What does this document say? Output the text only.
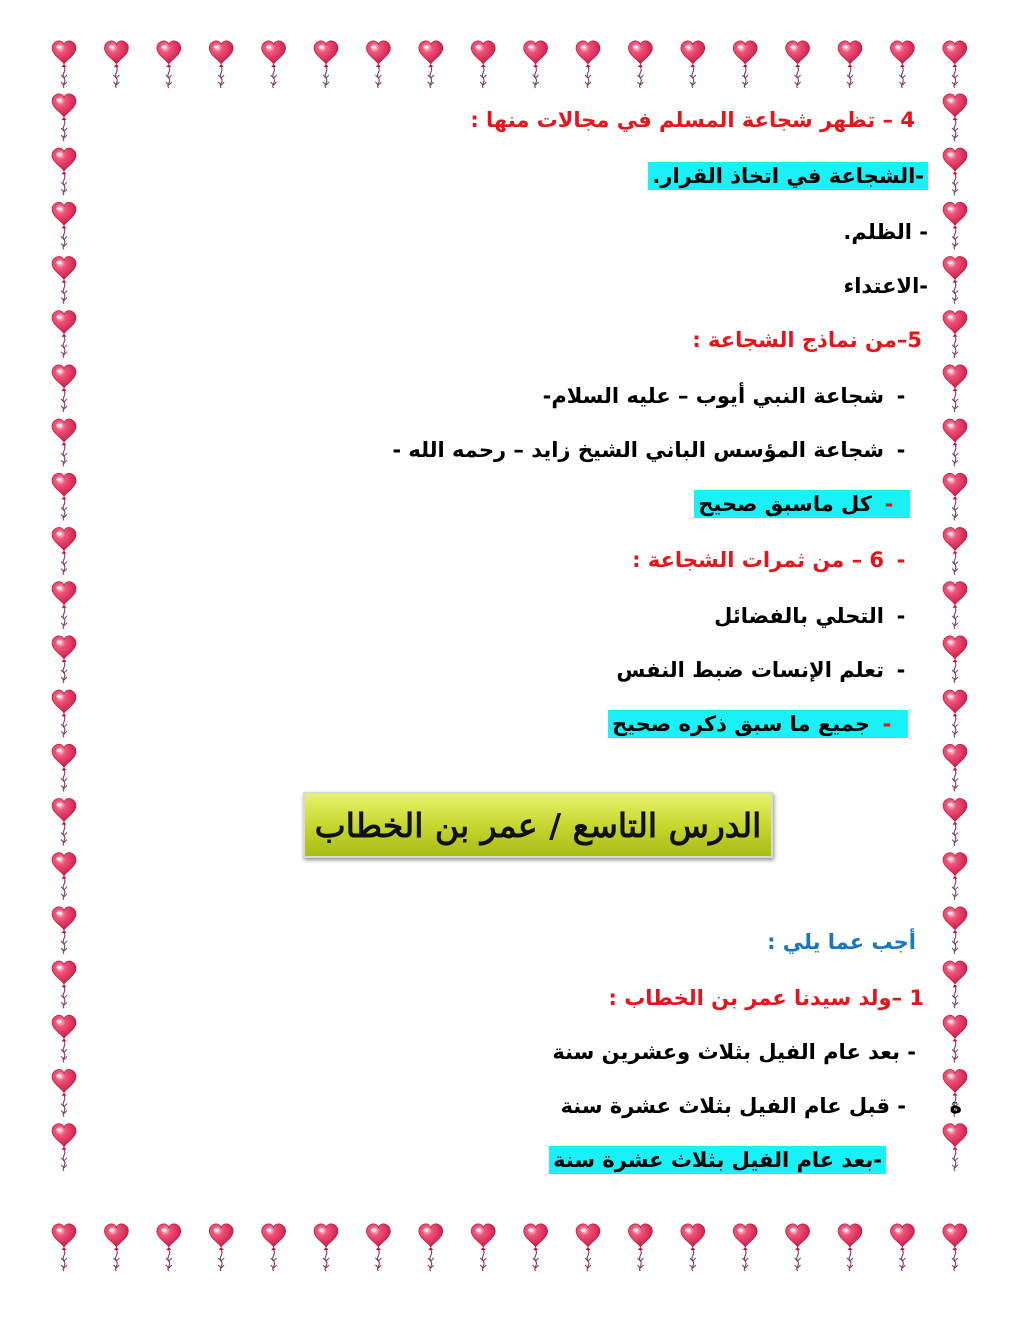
4 – تظهر شجاعة المسلم في مجالات منها :
-الشجاعة في اتخاذ القرار.
- الظلم.
-الاعتداء
5–من نماذج الشجاعة :
-شجاعة النبي أيوب – عليه السلام-
-شجاعة المؤسس الباني الشيخ زايد – رحمه الله -
-كل ماسبق صحيح
-6 – من ثمرات الشجاعة :
-التحلي بالفضائل
-تعلم الإنسات ضبط النفس
-جميع ما سبق ذكره صحيح
الدرس التاسع / عمر بن الخطاب
أجب عما يلي :
1 –ولد سيدنا عمر بن الخطاب :
- بعد عام الفيل بثلاث وعشرين سنة
- قبل عام الفيل بثلاث عشرة سنة ة
-بعد عام الفيل بثلاث عشرة سنة
